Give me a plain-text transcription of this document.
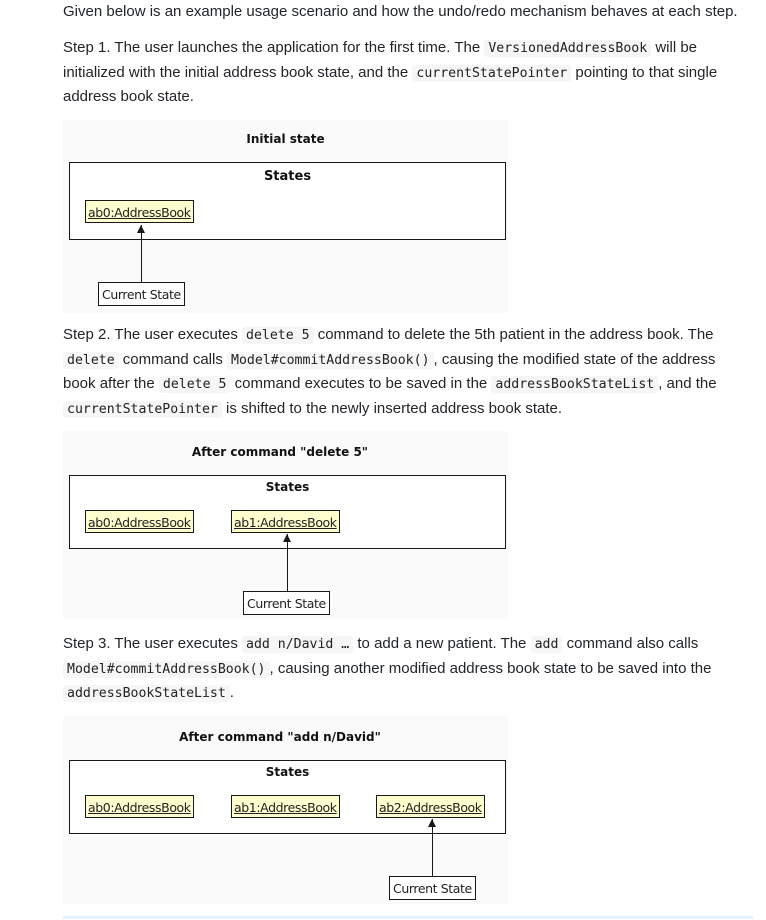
Given below is an example usage scenario and how the undo/redo mechanism behaves at each step.

Step 1. The user launches the application for the first time. The VersionedAddressBook will be initialized with the initial address book state, and the currentStatePointer pointing to that single address book state.

Initial state
States
ab0:AddressBook
Current State

Step 2. The user executes delete 5 command to delete the 5th patient in the address book. The delete command calls Model#commitAddressBook() , causing the modified state of the address book after the delete 5 command executes to be saved in the addressBookStateList , and the currentStatePointer is shifted to the newly inserted address book state.

After command "delete 5"
States
ab0:AddressBook	ab1:AddressBook
Current State

Step 3. The user executes add n/David … to add a new patient. The add command also calls Model#commitAddressBook() , causing another modified address book state to be saved into the addressBookStateList .

After command "add n/David"
States
ab0:AddressBook	ab1:AddressBook	ab2:AddressBook
Current State
